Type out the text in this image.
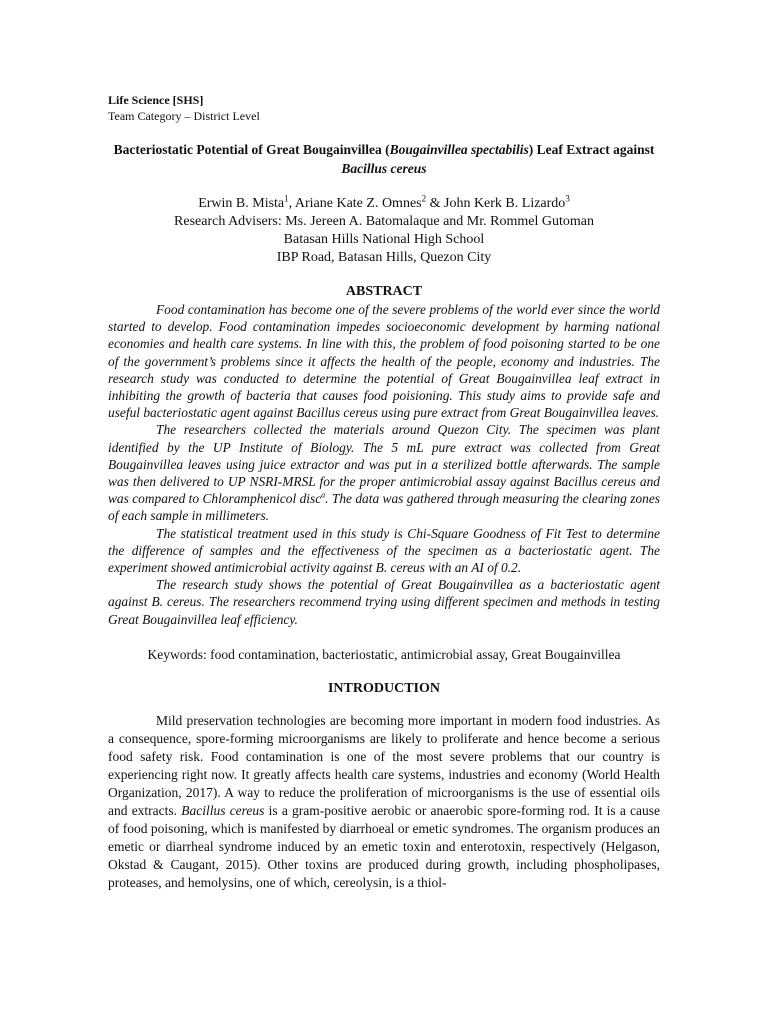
Life Science [SHS]
Team Category – District Level
Bacteriostatic Potential of Great Bougainvillea (Bougainvillea spectabilis) Leaf Extract against Bacillus cereus
Erwin B. Mista$^1$, Ariane Kate Z. Omnes$^2$ & John Kerk B. Lizardo$^3$
Research Advisers: Ms. Jereen A. Batomalaque and Mr. Rommel Gutoman
Batasan Hills National High School
IBP Road, Batasan Hills, Quezon City
ABSTRACT

Food contamination has become one of the severe problems of the world ever since the world started to develop. Food contamination impedes socioeconomic development by harming national economies and health care systems. In line with this, the problem of food poisoning started to be one of the government’s problems since it affects the health of the people, economy and industries. The research study was conducted to determine the potential of Great Bougainvillea leaf extract in inhibiting the growth of bacteria that causes food poisioning. This study aims to provide safe and useful bacteriostatic agent against Bacillus cereus using pure extract from Great Bougainvillea leaves.

The researchers collected the materials around Quezon City. The specimen was plant identified by the UP Institute of Biology. The 5 mL pure extract was collected from Great Bougainvillea leaves using juice extractor and was put in a sterilized bottle afterwards. The sample was then delivered to UP NSRI-MRSL for the proper antimicrobial assay against Bacillus cereus and was compared to Chloramphenicol disc$^a$. The data was gathered through measuring the clearing zones of each sample in millimeters.

The statistical treatment used in this study is Chi-Square Goodness of Fit Test to determine the difference of samples and the effectiveness of the specimen as a bacteriostatic agent. The experiment showed antimicrobial activity against B. cereus with an AI of 0.2.

The research study shows the potential of Great Bougainvillea as a bacteriostatic agent against B. cereus. The researchers recommend trying using different specimen and methods in testing Great Bougainvillea leaf efficiency.

Keywords: food contamination, bacteriostatic, antimicrobial assay, Great Bougainvillea
INTRODUCTION

Mild preservation technologies are becoming more important in modern food industries. As a consequence, spore-forming microorganisms are likely to proliferate and hence become a serious food safety risk. Food contamination is one of the most severe problems that our country is experiencing right now. It greatly affects health care systems, industries and economy (World Health Organization, 2017). A way to reduce the proliferation of microorganisms is the use of essential oils and extracts. Bacillus cereus is a gram-positive aerobic or anaerobic spore-forming rod. It is a cause of food poisoning, which is manifested by diarrhoeal or emetic syndromes. The organism produces an emetic or diarrheal syndrome induced by an emetic toxin and enterotoxin, respectively (Helgason, Okstad & Caugant, 2015). Other toxins are produced during growth, including phospholipases, proteases, and hemolysins, one of which, cereolysin, is a thiol-
